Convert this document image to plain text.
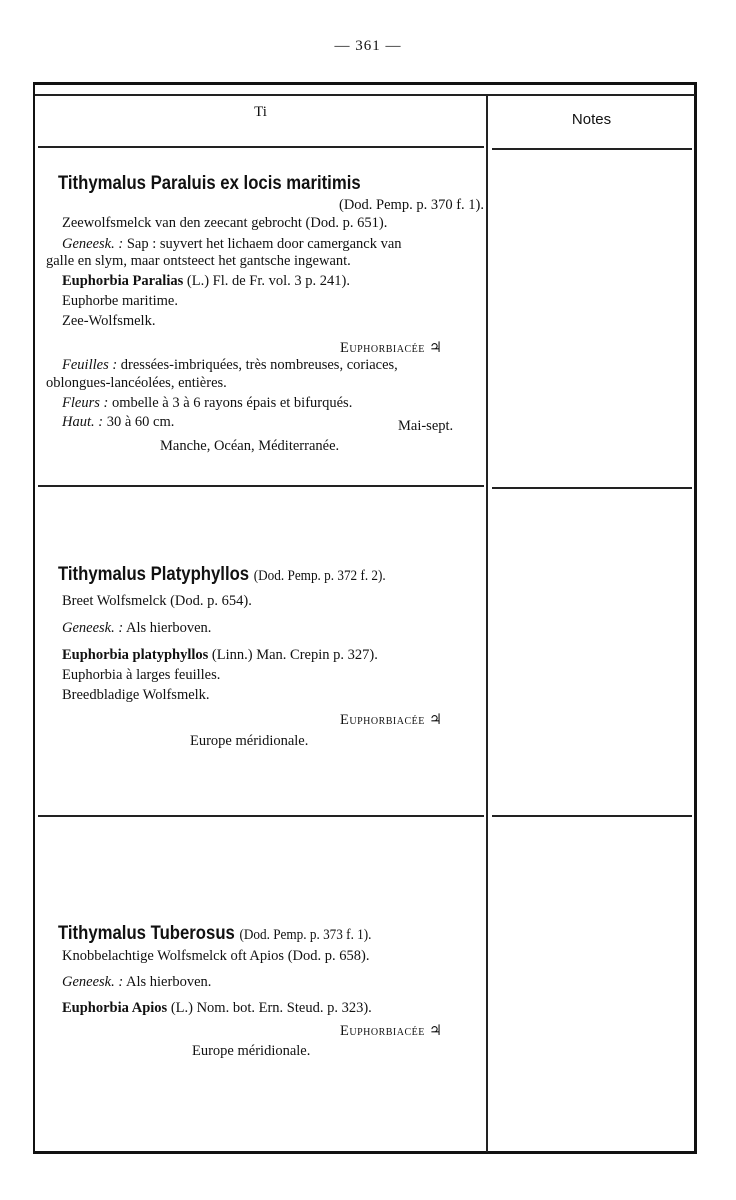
— 361 —
Ti	Notes
Tithymalus Paraluis ex locis maritimis
(Dod. Pemp. p. 370 f. 1).
Zeewolfsmelck van den zeecant gebrocht (Dod. p. 651).
Geneesk. : Sap : suyvert het lichaem door camerganck van
galle en slym, maar ontsteect het gantsche ingewant.
Euphorbia Paralias (L.) Fl. de Fr. vol. 3 p. 241).
Euphorbe maritime.
Zee-Wolfsmelk.
Euphorbiacée ♃
Feuilles : dressées-imbriquées, très nombreuses, coriaces,
oblongues-lancéolées, entières.
Fleurs : ombelle à 3 à 6 rayons épais et bifurqués.
Haut. : 30 à 60 cm.	Mai-sept.
Manche, Océan, Méditerranée.
Tithymalus Platyphyllos (Dod. Pemp. p. 372 f. 2).
Breet Wolfsmelck (Dod. p. 654).
Geneesk. : Als hierboven.
Euphorbia platyphyllos (Linn.) Man. Crepin p. 327).
Euphorbia à larges feuilles.
Breedbladige Wolfsmelk.
Euphorbiacée ♃
Europe méridionale.
Tithymalus Tuberosus (Dod. Pemp. p. 373 f. 1).
Knobbelachtige Wolfsmelck oft Apios (Dod. p. 658).
Geneesk. : Als hierboven.
Euphorbia Apios (L.) Nom. bot. Ern. Steud. p. 323).
Euphorbiacée ♃
Europe méridionale.
